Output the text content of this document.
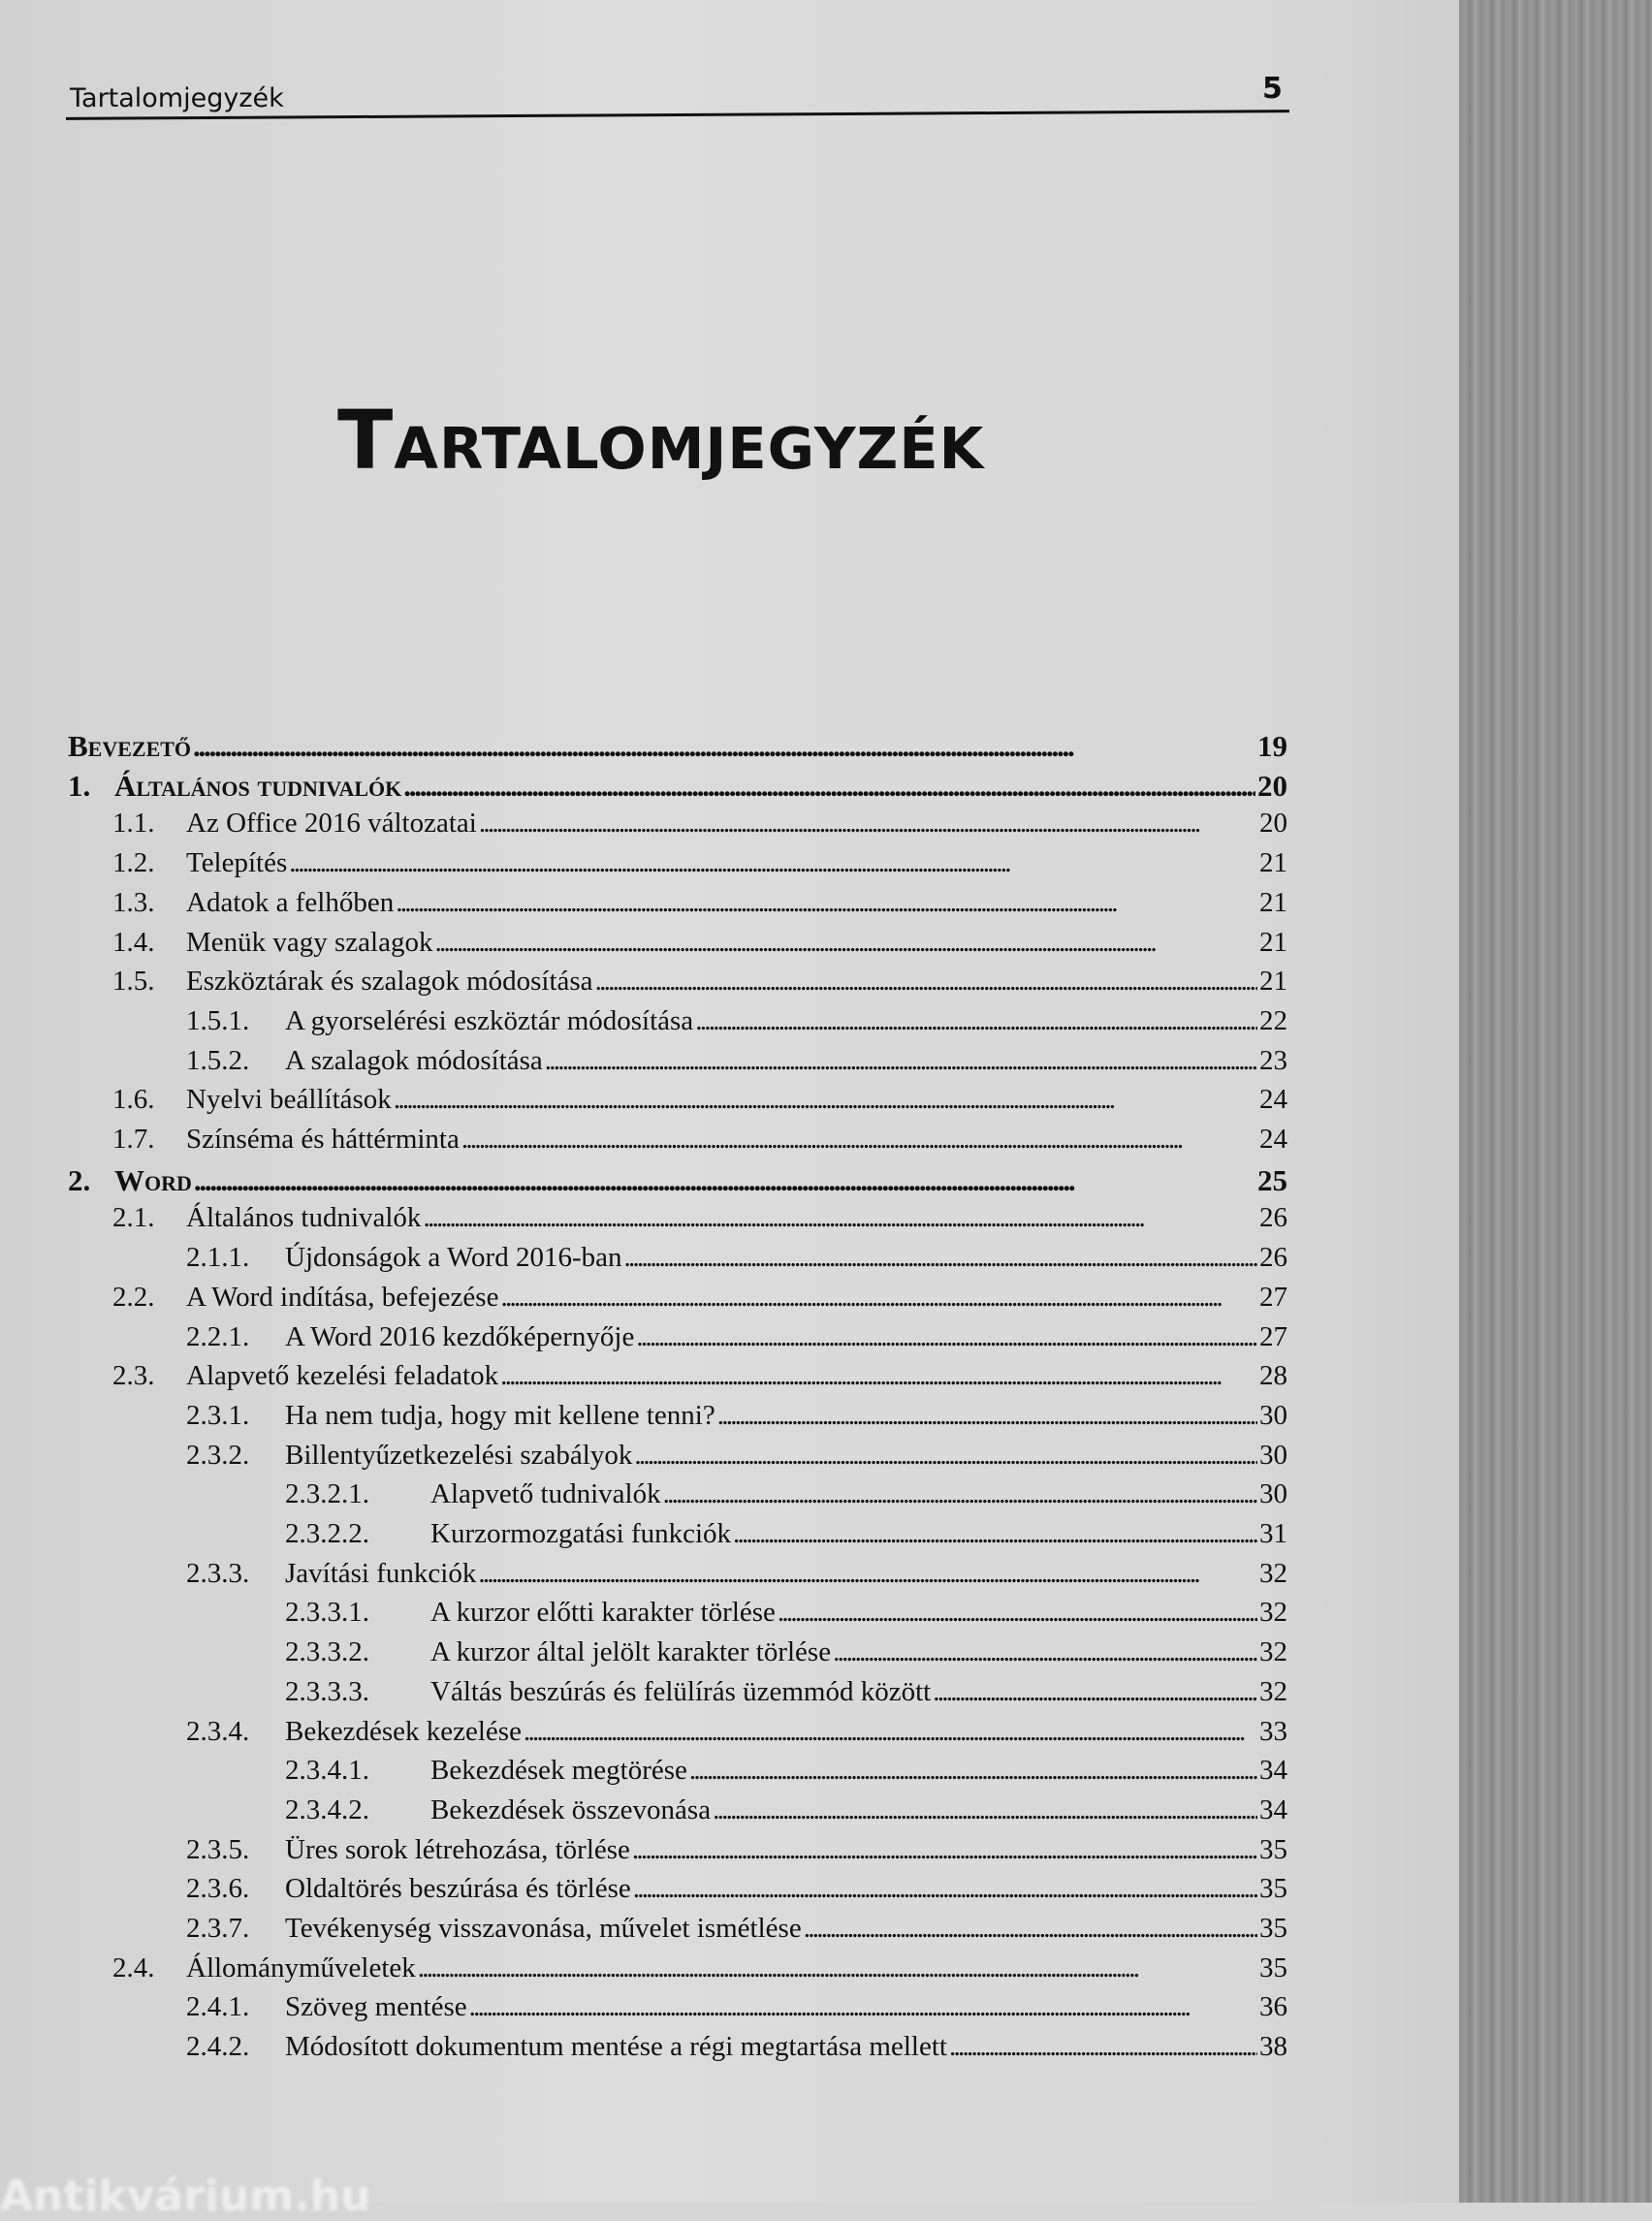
Tartalomjegyzék	5
Tartalomjegyzék
Bevezető . . .	19
1. Általános tudnivalók . . .	20
1.1.	Az Office 2016 változatai . . .	20
1.2.	Telepítés . . .	21
1.3.	Adatok a felhőben . . .	21
1.4.	Menük vagy szalagok . . .	21
1.5.	Eszköztárak és szalagok módosítása . . .	21
1.5.1.	A gyorselérési eszköztár módosítása . . .	22
1.5.2.	A szalagok módosítása . . .	23
1.6.	Nyelvi beállítások . . .	24
1.7.	Színséma és háttérminta . . .	24
2. Word . . .	25
2.1.	Általános tudnivalók . . .	26
2.1.1.	Újdonságok a Word 2016-ban . . .	26
2.2.	A Word indítása, befejezése . . .	27
2.2.1.	A Word 2016 kezdőképernyője . . .	27
2.3.	Alapvető kezelési feladatok . . .	28
2.3.1.	Ha nem tudja, hogy mit kellene tenni? . . .	30
2.3.2.	Billentyűzetkezelési szabályok . . .	30
2.3.2.1.	Alapvető tudnivalók . . .	30
2.3.2.2.	Kurzormozgatási funkciók . . .	31
2.3.3.	Javítási funkciók . . .	32
2.3.3.1.	A kurzor előtti karakter törlése . . .	32
2.3.3.2.	A kurzor által jelölt karakter törlése . . .	32
2.3.3.3.	Váltás beszúrás és felülírás üzemmód között . . .	32
2.3.4.	Bekezdések kezelése . . .	33
2.3.4.1.	Bekezdések megtörése . . .	34
2.3.4.2.	Bekezdések összevonása . . .	34
2.3.5.	Üres sorok létrehozása, törlése . . .	35
2.3.6.	Oldaltörés beszúrása és törlése . . .	35
2.3.7.	Tevékenység visszavonása, művelet ismétlése . . .	35
2.4.	Állományműveletek . . .	35
2.4.1.	Szöveg mentése . . .	36
2.4.2.	Módosított dokumentum mentése a régi megtartása mellett . . .	38
Antikvárium.hu
